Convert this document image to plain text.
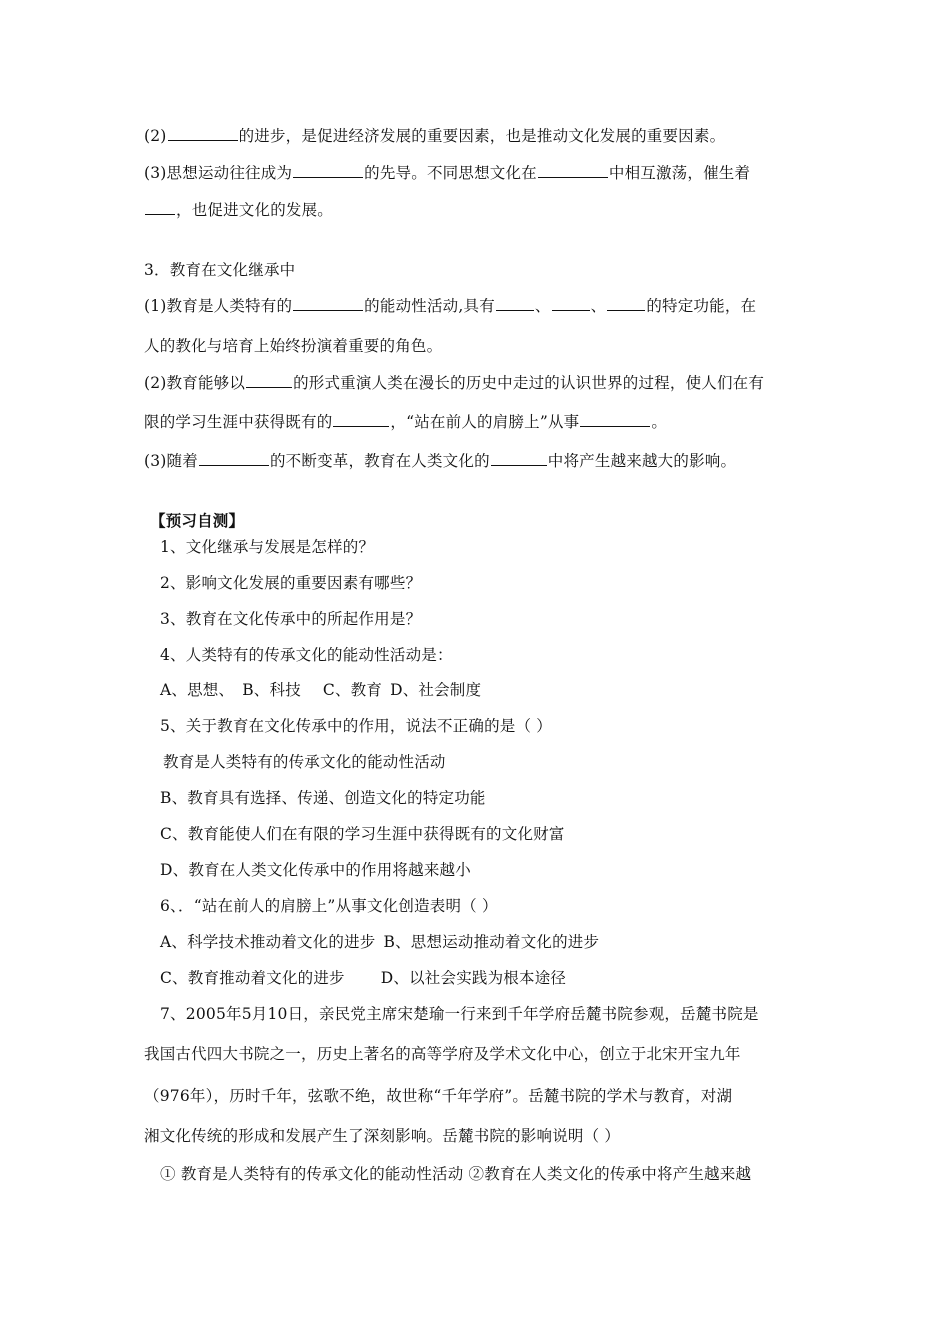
(2)	的进步，是促进经济发展的重要因素，也是推动文化发展的重要因素。
(3)思想运动往往成为	的先导。不同思想文化在	中相互激荡，催生着
，也促进文化的发展。
3．教育在文化继承中
(1)教育是人类特有的	的能动性活动,具有	、	、	的特定功能，在
人的教化与培育上始终扮演着重要的角色。
(2)教育能够以	的形式重演人类在漫长的历史中走过的认识世界的过程，使人们在有
限的学习生涯中获得既有的	，“站在前人的肩膀上”从事	。
(3)随着	的不断变革，教育在人类文化的	中将产生越来越大的影响。
【预习自测】
1、文化继承与发展是怎样的？
2、影响文化发展的重要因素有哪些？
3、教育在文化传承中的所起作用是？
4、人类特有的传承文化的能动性活动是：
A、思想、 B、科技 C、教育 D、社会制度
5、关于教育在文化传承中的作用，说法不正确的是（ ）
教育是人类特有的传承文化的能动性活动
B、教育具有选择、传递、创造文化的特定功能
C、教育能使人们在有限的学习生涯中获得既有的文化财富
D、教育在人类文化传承中的作用将越来越小
6、．“站在前人的肩膀上”从事文化创造表明（ ）
A、科学技术推动着文化的进步 B、思想运动推动着文化的进步
C、教育推动着文化的进步 D、以社会实践为根本途径
7、2005年5月10日，亲民党主席宋楚瑜一行来到千年学府岳麓书院参观，岳麓书院是
我国古代四大书院之一，历史上著名的高等学府及学术文化中心，创立于北宋开宝九年
（976年），历时千年，弦歌不绝，故世称“千年学府”。岳麓书院的学术与教育，对湖
湘文化传统的形成和发展产生了深刻影响。岳麓书院的影响说明（ ）
① 教育是人类特有的传承文化的能动性活动 ②教育在人类文化的传承中将产生越来越
